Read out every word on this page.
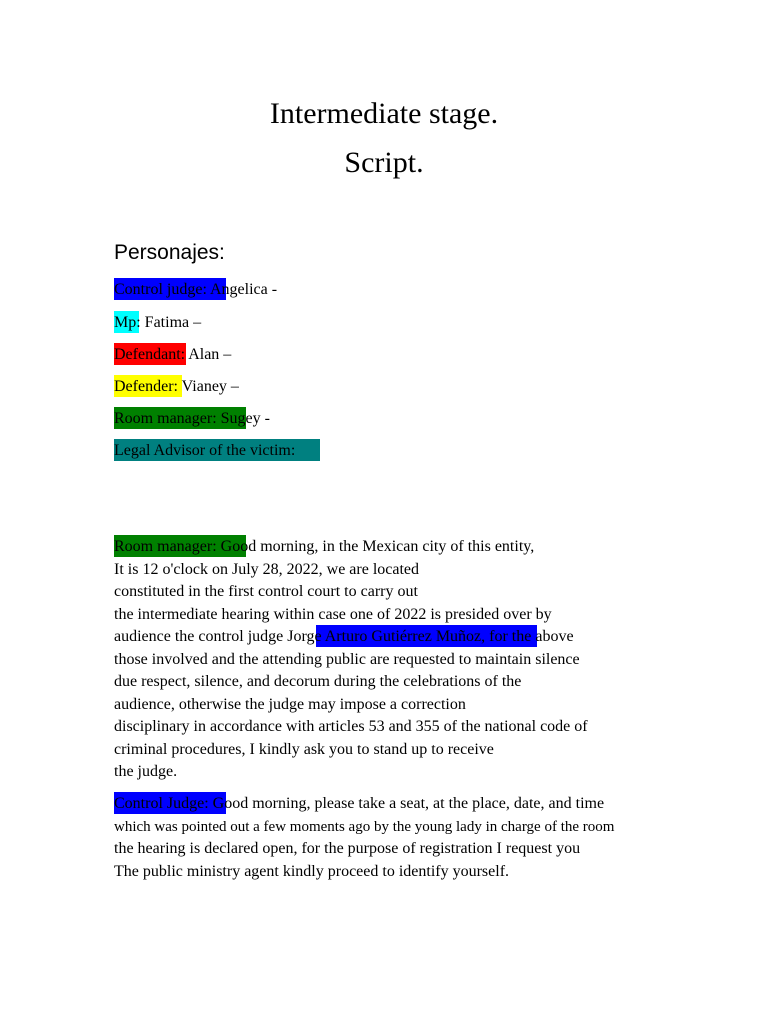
Intermediate stage.
Script.
Personajes:
Control judge: Angelica -
Mp: Fatima –
Defendant: Alan –
Defender: Vianey –
Room manager: Sugey -
Legal Advisor of the victim:
Room manager: Good morning, in the Mexican city of this entity,
It is 12 o'clock on July 28, 2022, we are located
constituted in the first control court to carry out
the intermediate hearing within case one of 2022 is presided over by
audience the control judge Jorge Arturo Gutiérrez Muñoz, for the above
those involved and the attending public are requested to maintain silence
due respect, silence, and decorum during the celebrations of the
audience, otherwise the judge may impose a correction
disciplinary in accordance with articles 53 and 355 of the national code of
criminal procedures, I kindly ask you to stand up to receive
the judge.
Control Judge: Good morning, please take a seat, at the place, date, and time
which was pointed out a few moments ago by the young lady in charge of the room
the hearing is declared open, for the purpose of registration I request you
The public ministry agent kindly proceed to identify yourself.
